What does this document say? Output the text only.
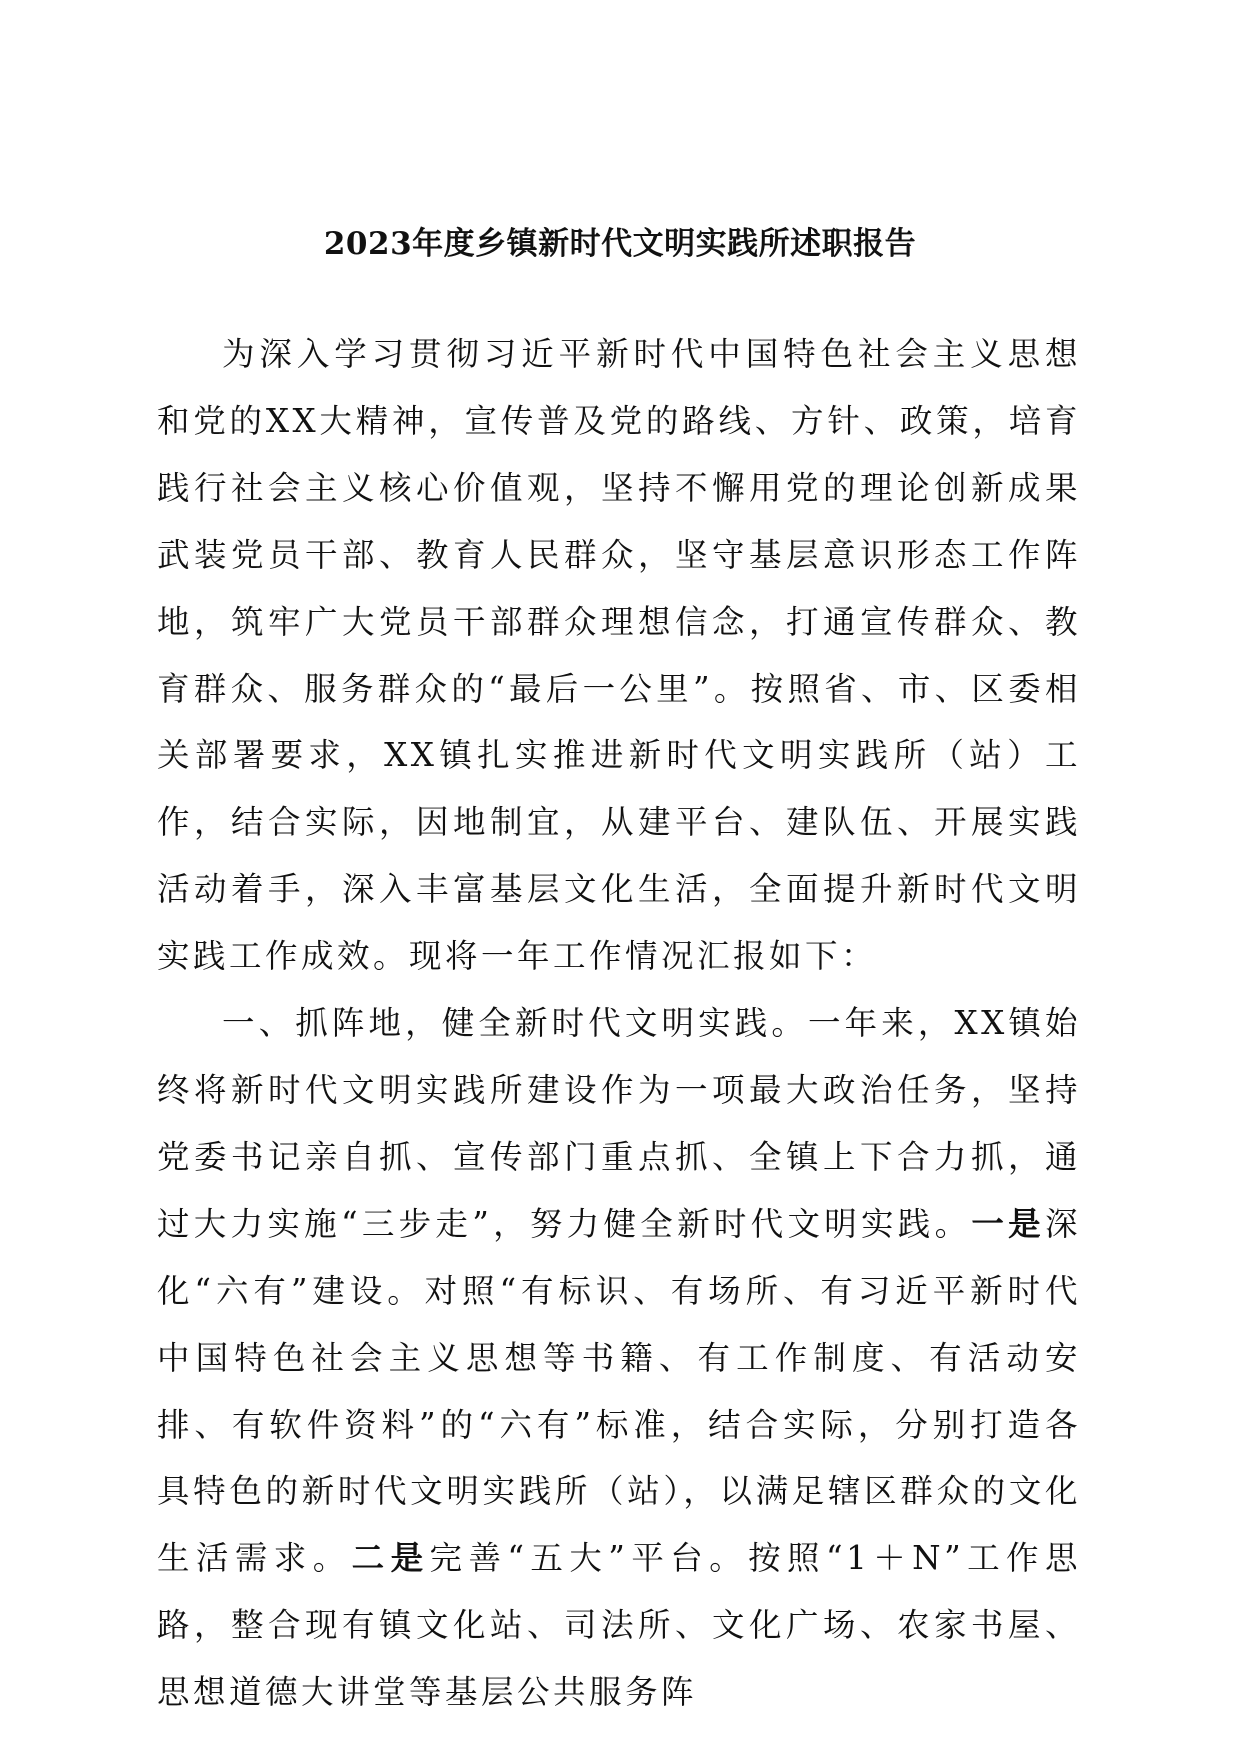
2023年度乡镇新时代文明实践所述职报告

为深入学习贯彻习近平新时代中国特色社会主义思想和党的XX大精神，宣传普及党的路线、方针、政策，培育践行社会主义核心价值观，坚持不懈用党的理论创新成果武装党员干部、教育人民群众，坚守基层意识形态工作阵地，筑牢广大党员干部群众理想信念，打通宣传群众、教育群众、服务群众的“最后一公里”。按照省、市、区委相关部署要求，XX镇扎实推进新时代文明实践所（站）工作，结合实际，因地制宜，从建平台、建队伍、开展实践活动着手，深入丰富基层文化生活，全面提升新时代文明实践工作成效。现将一年工作情况汇报如下：

一、抓阵地，健全新时代文明实践。一年来，XX镇始终将新时代文明实践所建设作为一项最大政治任务，坚持党委书记亲自抓、宣传部门重点抓、全镇上下合力抓，通过大力实施“三步走”，努力健全新时代文明实践。一是深化“六有”建设。对照“有标识、有场所、有习近平新时代中国特色社会主义思想等书籍、有工作制度、有活动安排、有软件资料”的“六有”标准，结合实际，分别打造各具特色的新时代文明实践所（站），以满足辖区群众的文化生活需求。二是完善“五大”平台。按照“1＋N”工作思路，整合现有镇文化站、司法所、文化广场、农家书屋、思想道德大讲堂等基层公共服务阵
